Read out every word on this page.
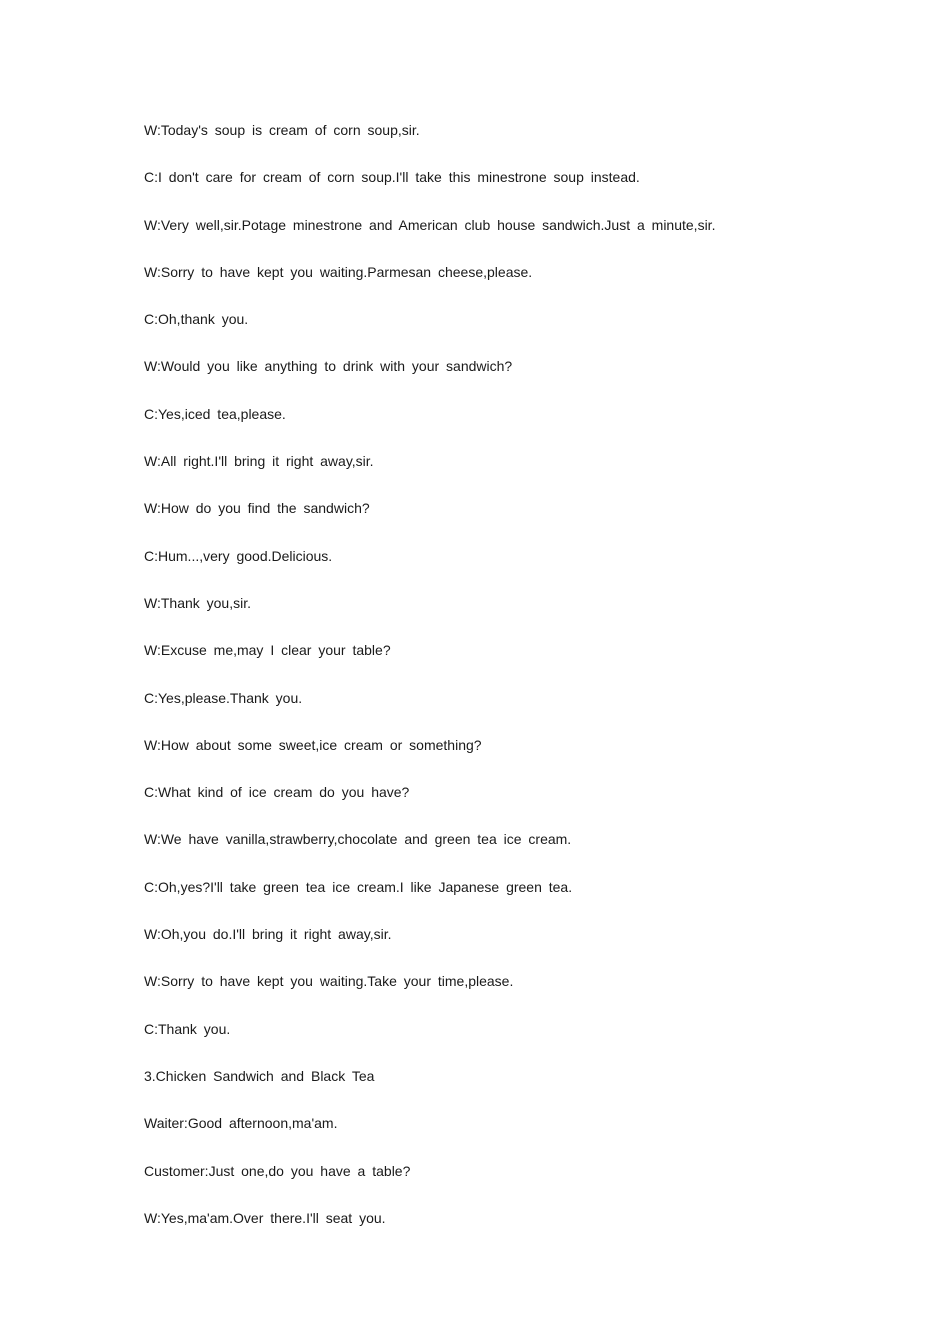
W:Today's soup is cream of corn soup,sir.
C:I don't care for cream of corn soup.I'll take this minestrone soup instead.
W:Very well,sir.Potage minestrone and American club house sandwich.Just a minute,sir.
W:Sorry to have kept you waiting.Parmesan cheese,please.
C:Oh,thank you.
W:Would you like anything to drink with your sandwich?
C:Yes,iced tea,please.
W:All right.I'll bring it right away,sir.
W:How do you find the sandwich?
C:Hum...,very good.Delicious.
W:Thank you,sir.
W:Excuse me,may I clear your table?
C:Yes,please.Thank you.
W:How about some sweet,ice cream or something?
C:What kind of ice cream do you have?
W:We have vanilla,strawberry,chocolate and green tea ice cream.
C:Oh,yes?I'll take green tea ice cream.I like Japanese green tea.
W:Oh,you do.I'll bring it right away,sir.
W:Sorry to have kept you waiting.Take your time,please.
C:Thank you.
3.Chicken Sandwich and Black Tea
Waiter:Good afternoon,ma'am.
Customer:Just one,do you have a table?
W:Yes,ma'am.Over there.I'll seat you.
